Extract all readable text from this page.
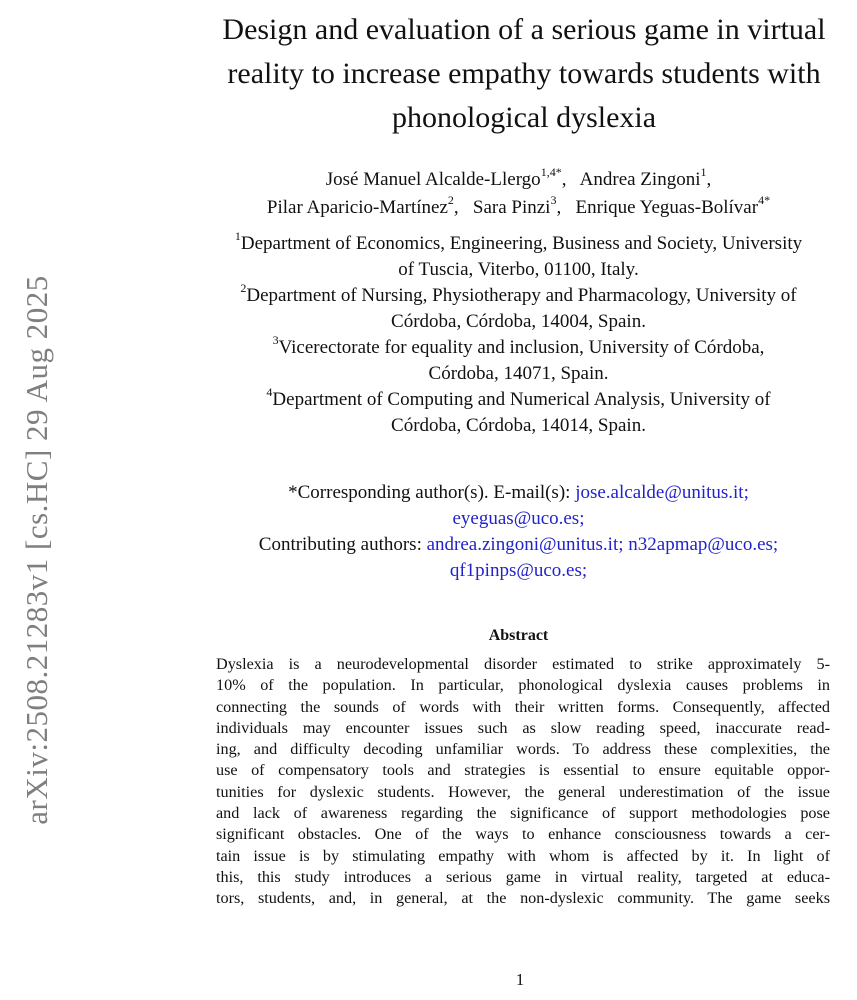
arXiv:2508.21283v1 [cs.HC] 29 Aug 2025
Design and evaluation of a serious game in virtual
reality to increase empathy towards students with
phonological dyslexia
José Manuel Alcalde-Llergo$^{1,4*}$,   Andrea Zingoni$^1$,
Pilar Aparicio-Martínez$^2$,   Sara Pinzi$^3$,   Enrique Yeguas-Bolívar$^{4*}$
$^1$Department of Economics, Engineering, Business and Society, University
of Tuscia, Viterbo, 01100, Italy.
$^2$Department of Nursing, Physiotherapy and Pharmacology, University of
Córdoba, Córdoba, 14004, Spain.
$^3$Vicerectorate for equality and inclusion, University of Córdoba,
Córdoba, 14071, Spain.
$^4$Department of Computing and Numerical Analysis, University of
Córdoba, Córdoba, 14014, Spain.
*Corresponding author(s). E-mail(s): jose.alcalde@unitus.it;
eyeguas@uco.es;
Contributing authors: andrea.zingoni@unitus.it; n32apmap@uco.es;
qf1pinps@uco.es;
Abstract
Dyslexia is a neurodevelopmental disorder estimated to strike approximately 5-
10% of the population. In particular, phonological dyslexia causes problems in
connecting the sounds of words with their written forms. Consequently, affected
individuals may encounter issues such as slow reading speed, inaccurate read-
ing, and difficulty decoding unfamiliar words. To address these complexities, the
use of compensatory tools and strategies is essential to ensure equitable oppor-
tunities for dyslexic students. However, the general underestimation of the issue
and lack of awareness regarding the significance of support methodologies pose
significant obstacles. One of the ways to enhance consciousness towards a cer-
tain issue is by stimulating empathy with whom is affected by it. In light of
this, this study introduces a serious game in virtual reality, targeted at educa-
tors, students, and, in general, at the non-dyslexic community. The game seeks
1
